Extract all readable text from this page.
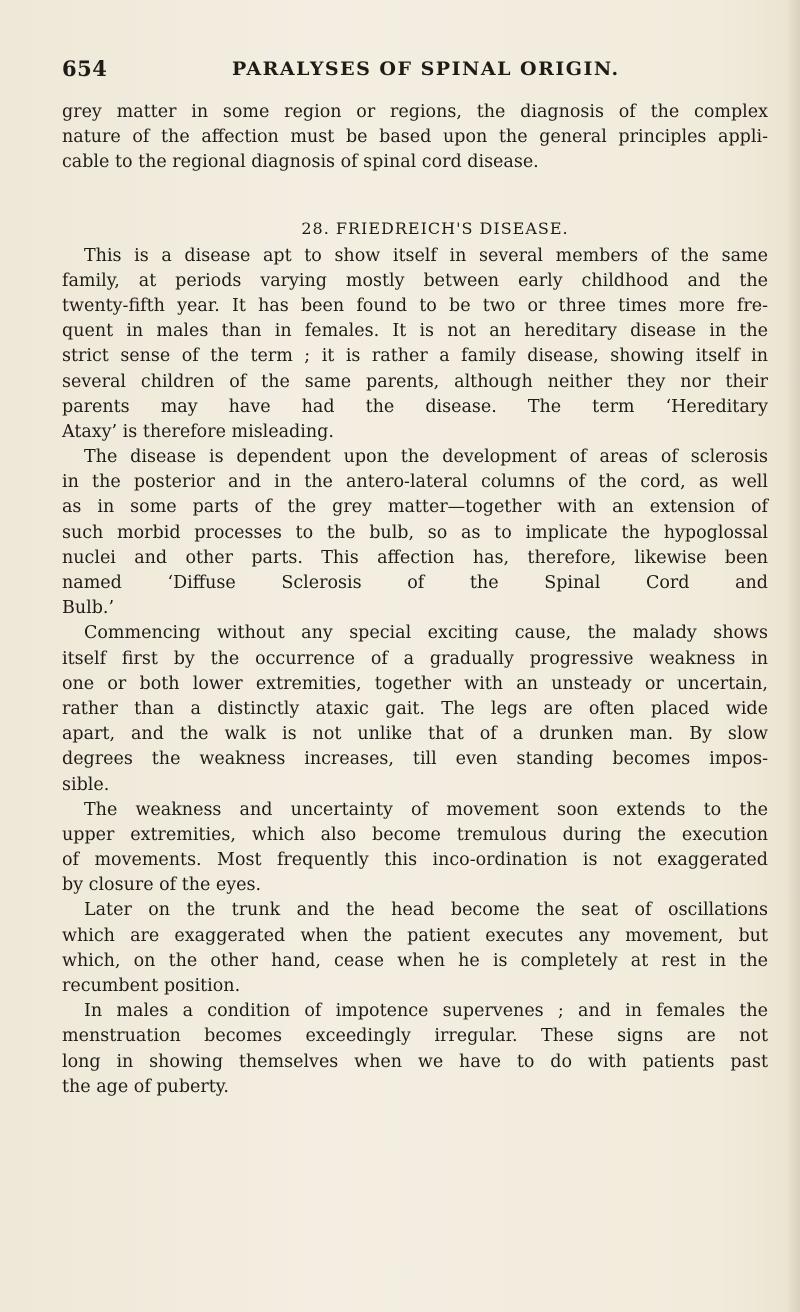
654	PARALYSES OF SPINAL ORIGIN.
grey matter in some region or regions, the diagnosis of the complex
nature of the affection must be based upon the general principles appli-
cable to the regional diagnosis of spinal cord disease.
28. FRIEDREICH'S DISEASE.
This is a disease apt to show itself in several members of the same
family, at periods varying mostly between early childhood and the
twenty-fifth year. It has been found to be two or three times more fre-
quent in males than in females. It is not an hereditary disease in the
strict sense of the term ; it is rather a family disease, showing itself in
several children of the same parents, although neither they nor their
parents may have had the disease. The term ‘Hereditary
Ataxy’ is therefore misleading.
The disease is dependent upon the development of areas of sclerosis
in the posterior and in the antero-lateral columns of the cord, as well
as in some parts of the grey matter—together with an extension of
such morbid processes to the bulb, so as to implicate the hypoglossal
nuclei and other parts. This affection has, therefore, likewise been
named ‘Diffuse Sclerosis of the Spinal Cord and
Bulb.’
Commencing without any special exciting cause, the malady shows
itself first by the occurrence of a gradually progressive weakness in
one or both lower extremities, together with an unsteady or uncertain,
rather than a distinctly ataxic gait. The legs are often placed wide
apart, and the walk is not unlike that of a drunken man. By slow
degrees the weakness increases, till even standing becomes impos-
sible.
The weakness and uncertainty of movement soon extends to the
upper extremities, which also become tremulous during the execution
of movements. Most frequently this inco-ordination is not exaggerated
by closure of the eyes.
Later on the trunk and the head become the seat of oscillations
which are exaggerated when the patient executes any movement, but
which, on the other hand, cease when he is completely at rest in the
recumbent position.
In males a condition of impotence supervenes ; and in females the
menstruation becomes exceedingly irregular. These signs are not
long in showing themselves when we have to do with patients past
the age of puberty.
